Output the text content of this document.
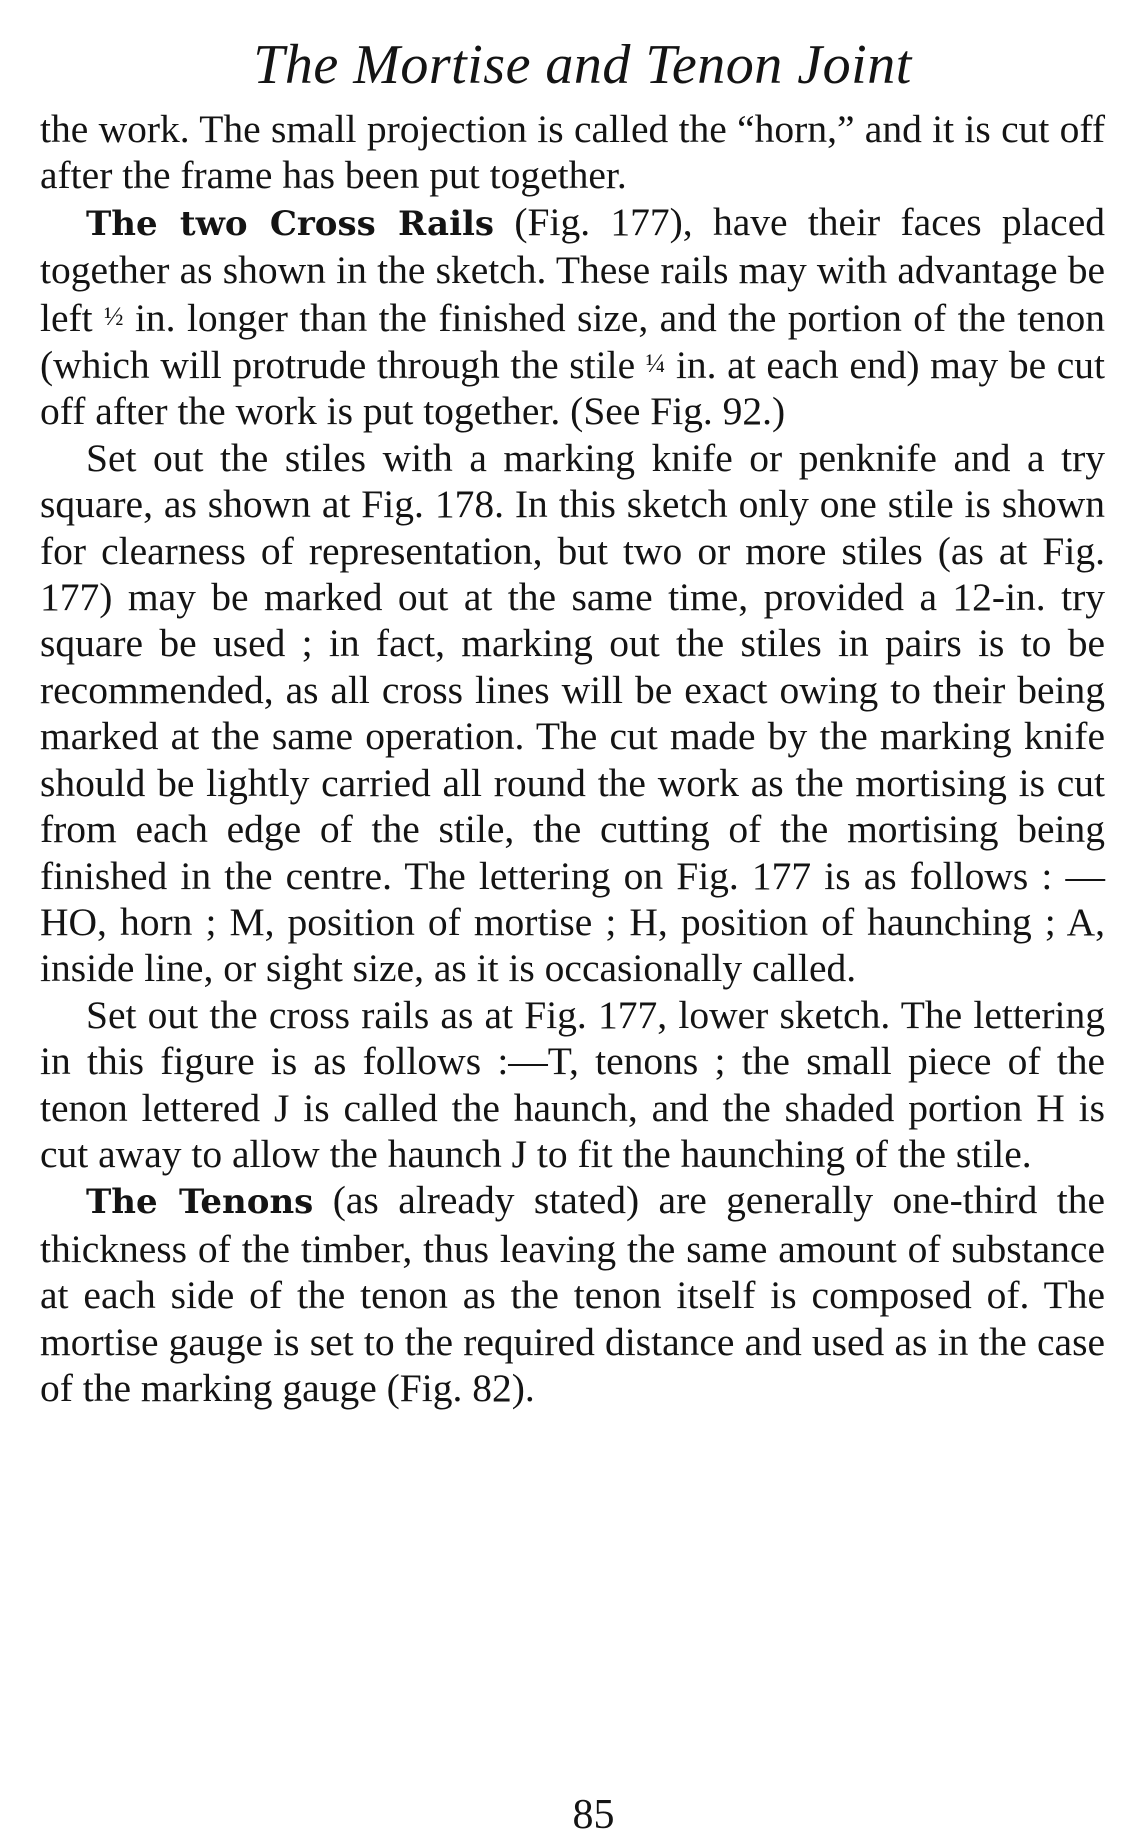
The Mortise and Tenon Joint

the work. The small projection is called the “horn,” and it is cut off after the frame has been put together.

The two Cross Rails (Fig. 177), have their faces placed together as shown in the sketch. These rails may with advantage be left ½ in. longer than the finished size, and the portion of the tenon (which will protrude through the stile ¼ in. at each end) may be cut off after the work is put together. (See Fig. 92.)

Set out the stiles with a marking knife or penknife and a try square, as shown at Fig. 178. In this sketch only one stile is shown for clearness of representation, but two or more stiles (as at Fig. 177) may be marked out at the same time, provided a 12-in. try square be used ; in fact, marking out the stiles in pairs is to be recommended, as all cross lines will be exact owing to their being marked at the same operation. The cut made by the marking knife should be lightly carried all round the work as the mortising is cut from each edge of the stile, the cutting of the mortising being finished in the centre. The lettering on Fig. 177 is as follows : —HO, horn ; M, position of mortise ; H, position of haunching ; A, inside line, or sight size, as it is occasionally called.

Set out the cross rails as at Fig. 177, lower sketch. The lettering in this figure is as follows :—T, tenons ; the small piece of the tenon lettered J is called the haunch, and the shaded portion H is cut away to allow the haunch J to fit the haunching of the stile.

The Tenons (as already stated) are generally one-third the thickness of the timber, thus leaving the same amount of substance at each side of the tenon as the tenon itself is composed of. The mortise gauge is set to the required distance and used as in the case of the marking gauge (Fig. 82).

85
